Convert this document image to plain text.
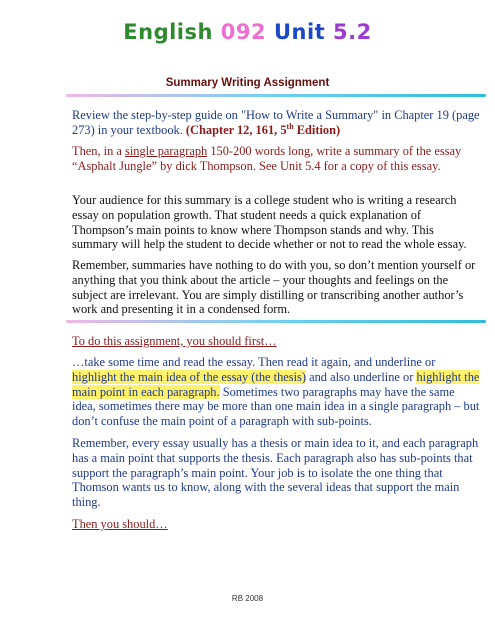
English 092 Unit 5.2
Summary Writing Assignment

Review the step-by-step guide on "How to Write a Summary" in Chapter 19 (page 273) in your textbook. (Chapter 12, 161, 5th Edition)

Then, in a single paragraph 150-200 words long, write a summary of the essay “Asphalt Jungle” by dick Thompson. See Unit 5.4 for a copy of this essay.

Your audience for this summary is a college student who is writing a research essay on population growth. That student needs a quick explanation of Thompson’s main points to know where Thompson stands and why. This summary will help the student to decide whether or not to read the whole essay.

Remember, summaries have nothing to do with you, so don’t mention yourself or anything that you think about the article – your thoughts and feelings on the subject are irrelevant. You are simply distilling or transcribing another author’s work and presenting it in a condensed form.

To do this assignment, you should first…

…take some time and read the essay. Then read it again, and underline or highlight the main idea of the essay (the thesis) and also underline or highlight the main point in each paragraph. Sometimes two paragraphs may have the same idea, sometimes there may be more than one main idea in a single paragraph – but don’t confuse the main point of a paragraph with sub-points.

Remember, every essay usually has a thesis or main idea to it, and each paragraph has a main point that supports the thesis. Each paragraph also has sub-points that support the paragraph’s main point. Your job is to isolate the one thing that Thomson wants us to know, along with the several ideas that support the main thing.

Then you should…

RB 2008
